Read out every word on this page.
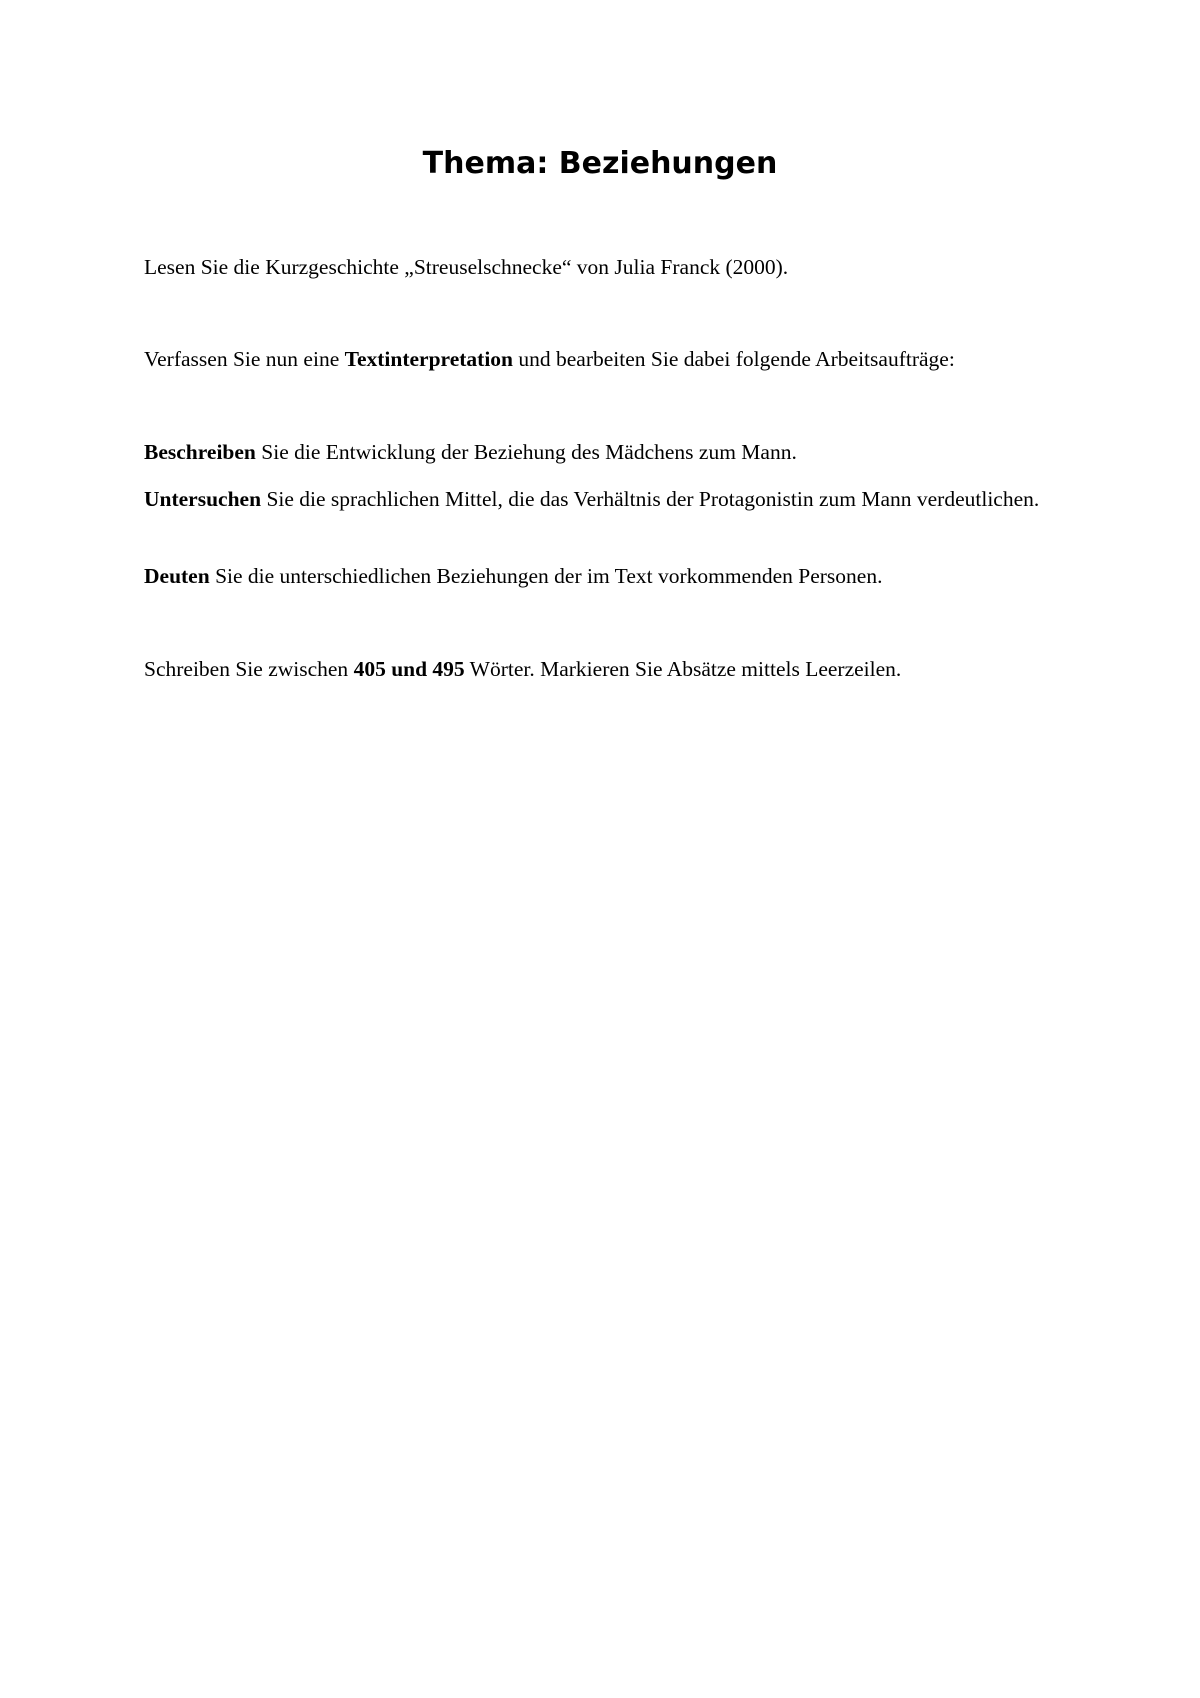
Thema: Beziehungen

Lesen Sie die Kurzgeschichte „Streuselschnecke“ von Julia Franck (2000).

Verfassen Sie nun eine Textinterpretation und bearbeiten Sie dabei folgende Arbeitsaufträge:

Beschreiben Sie die Entwicklung der Beziehung des Mädchens zum Mann.

Untersuchen Sie die sprachlichen Mittel, die das Verhältnis der Protagonistin zum Mann verdeutlichen.

Deuten Sie die unterschiedlichen Beziehungen der im Text vorkommenden Personen.

Schreiben Sie zwischen 405 und 495 Wörter. Markieren Sie Absätze mittels Leerzeilen.
